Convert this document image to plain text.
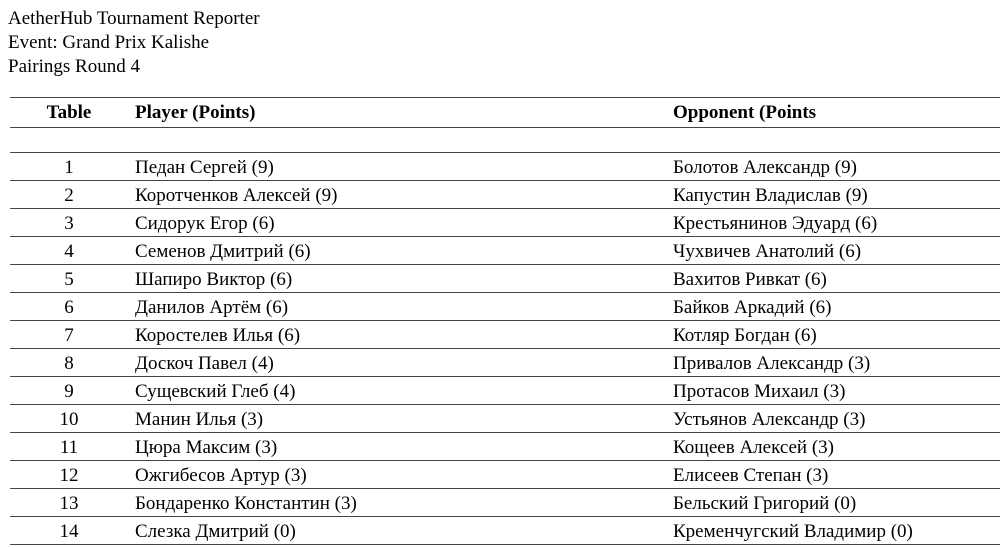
AetherHub Tournament Reporter
Event: Grand Prix Kalishe
Pairings Round 4
Table	Player (Points)	Opponent (Points

1	Педан Сергей (9)	Болотов Александр (9)
2	Коротченков Алексей (9)	Капустин Владислав (9)
3	Сидорук Егор (6)	Крестьянинов Эдуард (6)
4	Семенов Дмитрий (6)	Чухвичев Анатолий (6)
5	Шапиро Виктор (6)	Вахитов Ривкат (6)
6	Данилов Артём (6)	Байков Аркадий (6)
7	Коростелев Илья (6)	Котляр Богдан (6)
8	Доскоч Павел (4)	Привалов Александр (3)
9	Сущевский Глеб (4)	Протасов Михаил (3)
10	Манин Илья (3)	Устьянов Александр (3)
11	Цюра Максим (3)	Кощеев Алексей (3)
12	Ожгибесов Артур (3)	Елисеев Степан (3)
13	Бондаренко Константин (3)	Бельский Григорий (0)
14	Слезка Дмитрий (0)	Кременчугский Владимир (0)
